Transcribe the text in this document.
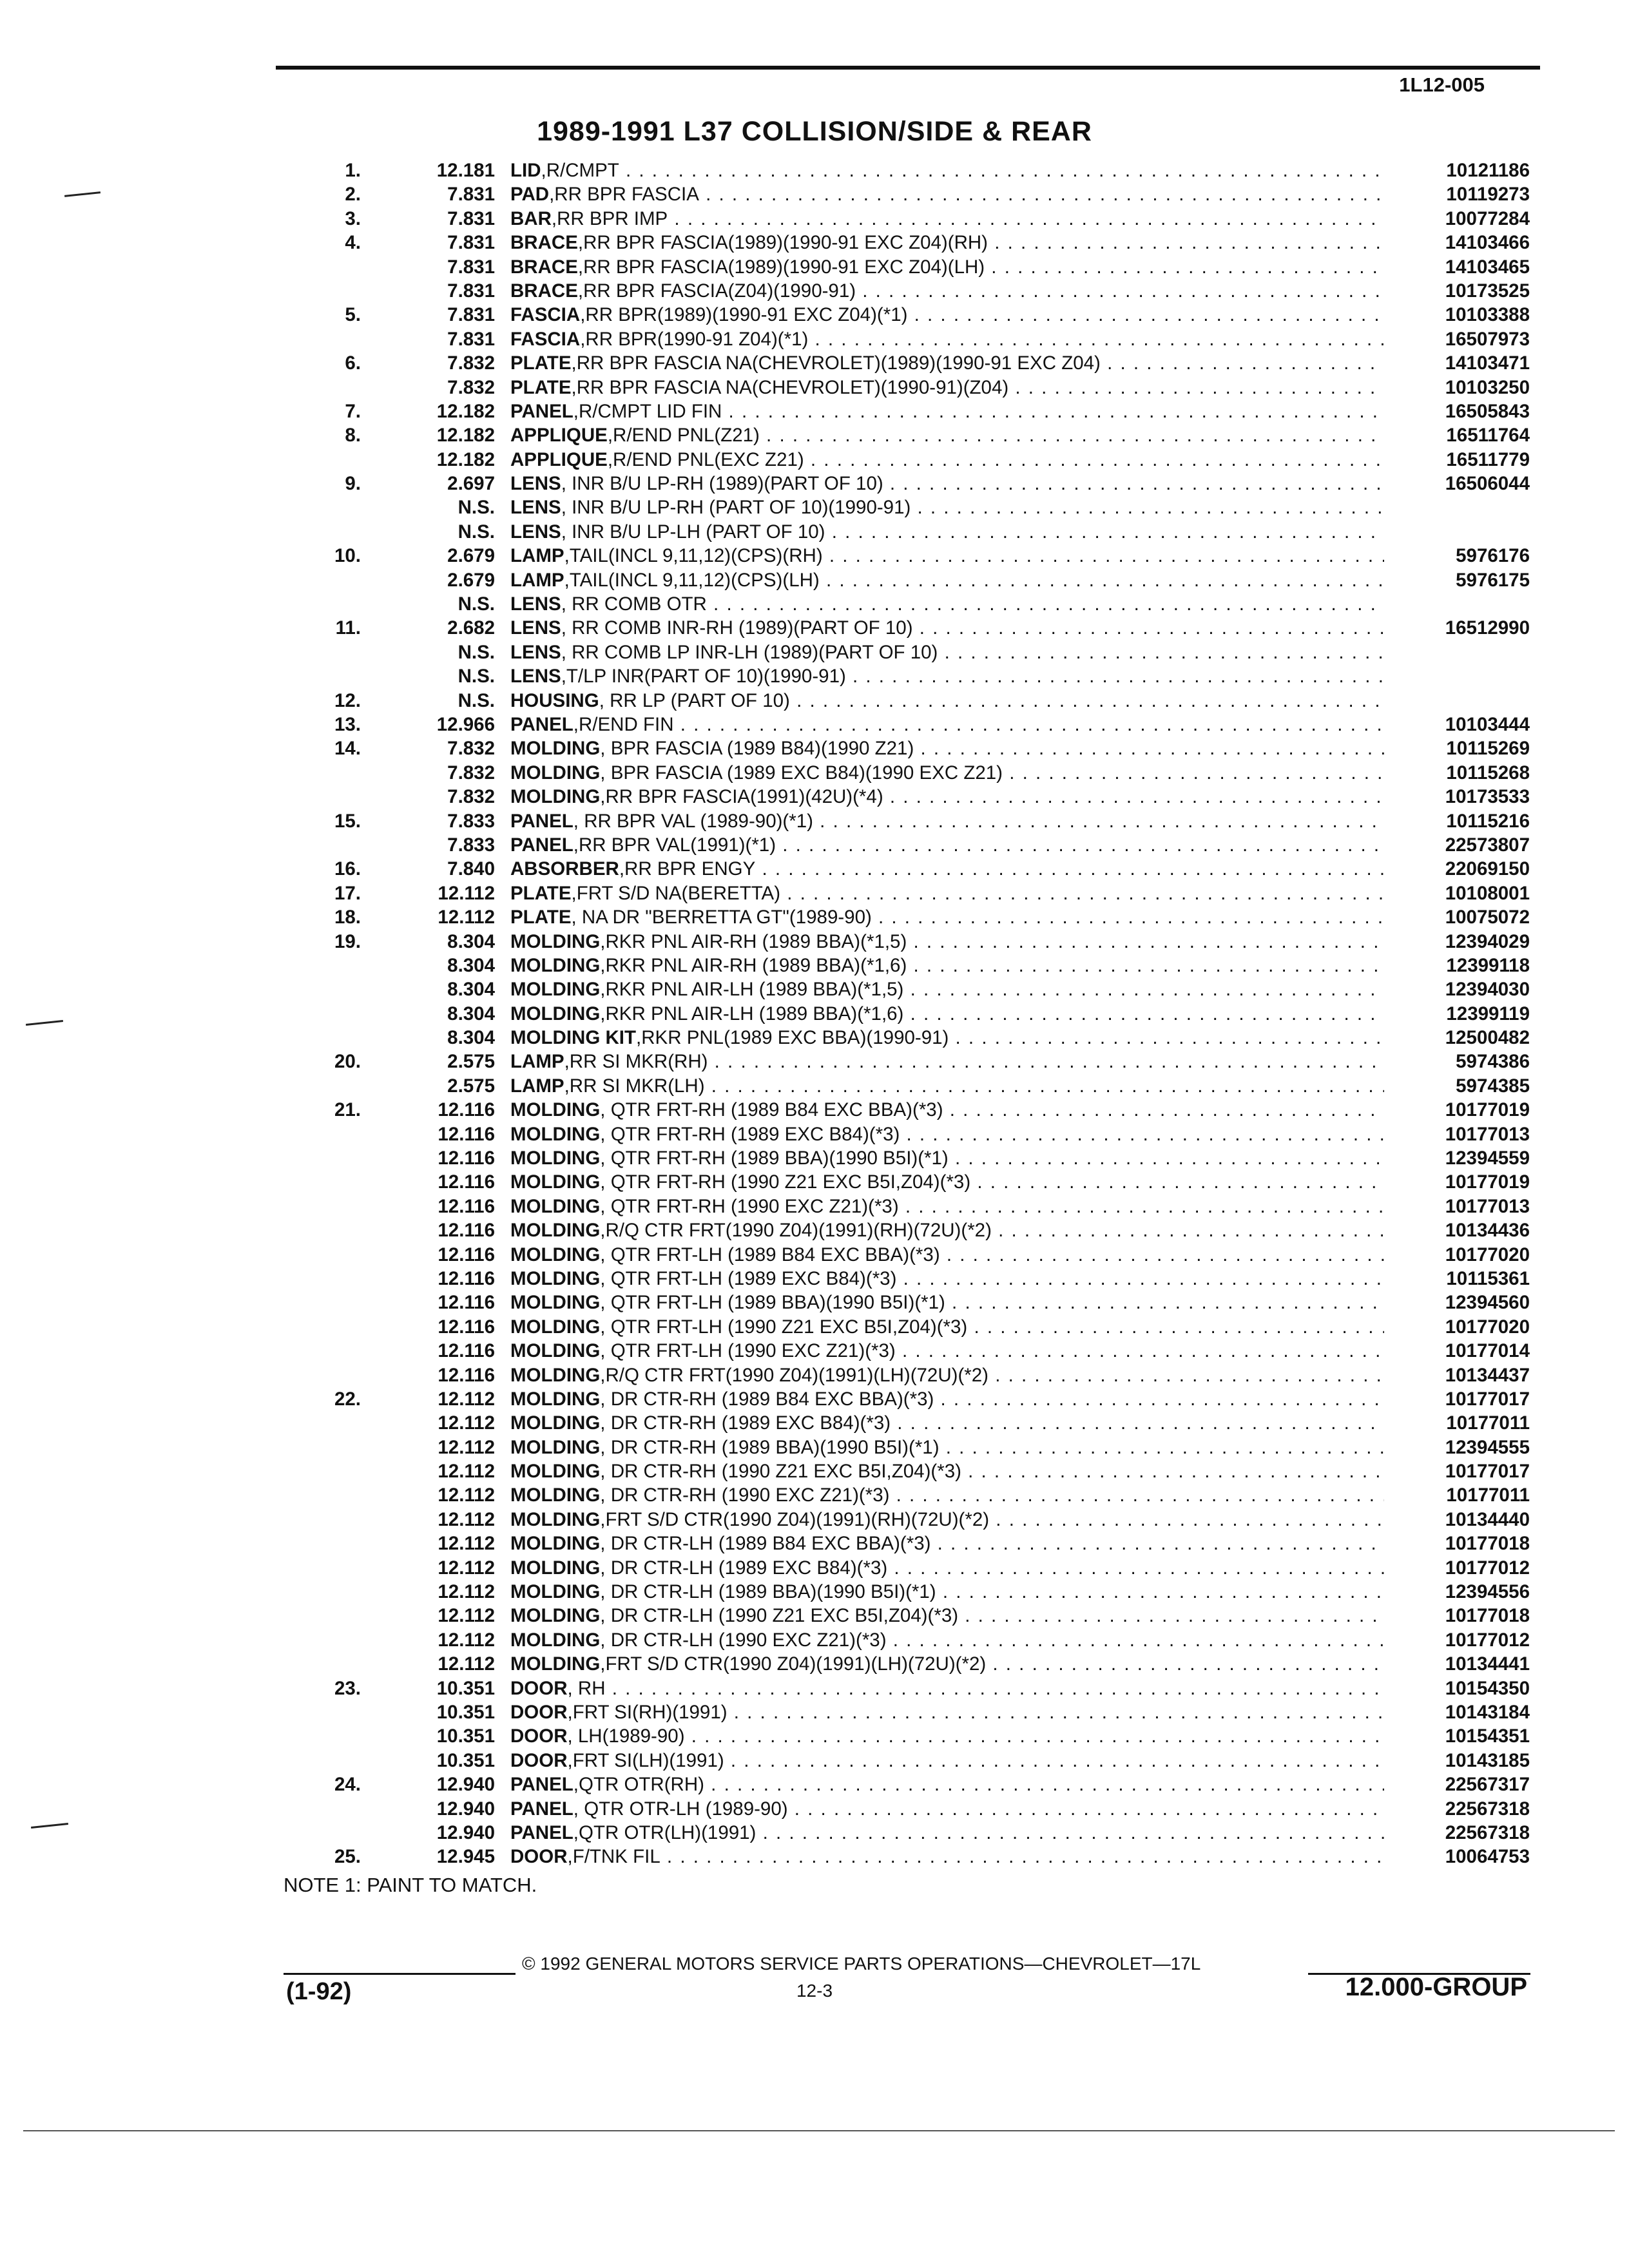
1L12-005
1989-1991 L37 COLLISION/SIDE & REAR
1.	12.181 LID,R/CMPT . . .	10121186
2.	7.831 PAD,RR BPR FASCIA . . .	10119273
3.	7.831 BAR,RR BPR IMP . . .	10077284
4.	7.831 BRACE,RR BPR FASCIA(1989)(1990-91 EXC Z04)(RH) . . .	14103466
7.831 BRACE,RR BPR FASCIA(1989)(1990-91 EXC Z04)(LH) . . .	14103465
7.831 BRACE,RR BPR FASCIA(Z04)(1990-91) . . .	10173525
5.	7.831 FASCIA,RR BPR(1989)(1990-91 EXC Z04)(*1) . . .	10103388
7.831 FASCIA,RR BPR(1990-91 Z04)(*1) . . .	16507973
6.	7.832 PLATE,RR BPR FASCIA NA(CHEVROLET)(1989)(1990-91 EXC Z04) . . .	14103471
7.832 PLATE,RR BPR FASCIA NA(CHEVROLET)(1990-91)(Z04) . . .	10103250
7.	12.182 PANEL,R/CMPT LID FIN . . .	16505843
8.	12.182 APPLIQUE,R/END PNL(Z21) . . .	16511764
12.182 APPLIQUE,R/END PNL(EXC Z21) . . .	16511779
9.	2.697 LENS, INR B/U LP-RH (1989)(PART OF 10) . . .	16506044
N.S. LENS, INR B/U LP-RH (PART OF 10)(1990-91) . . .
N.S. LENS, INR B/U LP-LH (PART OF 10) . . .
10.	2.679 LAMP,TAIL(INCL 9,11,12)(CPS)(RH) . . .	5976176
2.679 LAMP,TAIL(INCL 9,11,12)(CPS)(LH) . . .	5976175
N.S. LENS, RR COMB OTR . . .
11.	2.682 LENS, RR COMB INR-RH (1989)(PART OF 10) . . .	16512990
N.S. LENS, RR COMB LP INR-LH (1989)(PART OF 10) . . .
N.S. LENS,T/LP INR(PART OF 10)(1990-91) . . .
12.	N.S. HOUSING, RR LP (PART OF 10) . . .
13.	12.966 PANEL,R/END FIN . . .	10103444
14.	7.832 MOLDING, BPR FASCIA (1989 B84)(1990 Z21) . . .	10115269
7.832 MOLDING, BPR FASCIA (1989 EXC B84)(1990 EXC Z21) . . .	10115268
7.832 MOLDING,RR BPR FASCIA(1991)(42U)(*4) . . .	10173533
15.	7.833 PANEL, RR BPR VAL (1989-90)(*1) . . .	10115216
7.833 PANEL,RR BPR VAL(1991)(*1) . . .	22573807
16.	7.840 ABSORBER,RR BPR ENGY . . .	22069150
17.	12.112 PLATE,FRT S/D NA(BERETTA) . . .	10108001
18.	12.112 PLATE, NA DR "BERRETTA GT"(1989-90) . . .	10075072
19.	8.304 MOLDING,RKR PNL AIR-RH (1989 BBA)(*1,5) . . .	12394029
8.304 MOLDING,RKR PNL AIR-RH (1989 BBA)(*1,6) . . .	12399118
8.304 MOLDING,RKR PNL AIR-LH (1989 BBA)(*1,5) . . .	12394030
8.304 MOLDING,RKR PNL AIR-LH (1989 BBA)(*1,6) . . .	12399119
8.304 MOLDING KIT,RKR PNL(1989 EXC BBA)(1990-91) . . .	12500482
20.	2.575 LAMP,RR SI MKR(RH) . . .	5974386
2.575 LAMP,RR SI MKR(LH) . . .	5974385
21.	12.116 MOLDING, QTR FRT-RH (1989 B84 EXC BBA)(*3) . . .	10177019
12.116 MOLDING, QTR FRT-RH (1989 EXC B84)(*3) . . .	10177013
12.116 MOLDING, QTR FRT-RH (1989 BBA)(1990 B5I)(*1) . . .	12394559
12.116 MOLDING, QTR FRT-RH (1990 Z21 EXC B5I,Z04)(*3) . . .	10177019
12.116 MOLDING, QTR FRT-RH (1990 EXC Z21)(*3) . . .	10177013
12.116 MOLDING,R/Q CTR FRT(1990 Z04)(1991)(RH)(72U)(*2) . . .	10134436
12.116 MOLDING, QTR FRT-LH (1989 B84 EXC BBA)(*3) . . .	10177020
12.116 MOLDING, QTR FRT-LH (1989 EXC B84)(*3) . . .	10115361
12.116 MOLDING, QTR FRT-LH (1989 BBA)(1990 B5I)(*1) . . .	12394560
12.116 MOLDING, QTR FRT-LH (1990 Z21 EXC B5I,Z04)(*3) . . .	10177020
12.116 MOLDING, QTR FRT-LH (1990 EXC Z21)(*3) . . .	10177014
12.116 MOLDING,R/Q CTR FRT(1990 Z04)(1991)(LH)(72U)(*2) . . .	10134437
22.	12.112 MOLDING, DR CTR-RH (1989 B84 EXC BBA)(*3) . . .	10177017
12.112 MOLDING, DR CTR-RH (1989 EXC B84)(*3) . . .	10177011
12.112 MOLDING, DR CTR-RH (1989 BBA)(1990 B5I)(*1) . . .	12394555
12.112 MOLDING, DR CTR-RH (1990 Z21 EXC B5I,Z04)(*3) . . .	10177017
12.112 MOLDING, DR CTR-RH (1990 EXC Z21)(*3) . . .	10177011
12.112 MOLDING,FRT S/D CTR(1990 Z04)(1991)(RH)(72U)(*2) . . .	10134440
12.112 MOLDING, DR CTR-LH (1989 B84 EXC BBA)(*3) . . .	10177018
12.112 MOLDING, DR CTR-LH (1989 EXC B84)(*3) . . .	10177012
12.112 MOLDING, DR CTR-LH (1989 BBA)(1990 B5I)(*1) . . .	12394556
12.112 MOLDING, DR CTR-LH (1990 Z21 EXC B5I,Z04)(*3) . . .	10177018
12.112 MOLDING, DR CTR-LH (1990 EXC Z21)(*3) . . .	10177012
12.112 MOLDING,FRT S/D CTR(1990 Z04)(1991)(LH)(72U)(*2) . . .	10134441
23.	10.351 DOOR, RH . . .	10154350
10.351 DOOR,FRT SI(RH)(1991) . . .	10143184
10.351 DOOR, LH(1989-90) . . .	10154351
10.351 DOOR,FRT SI(LH)(1991) . . .	10143185
24.	12.940 PANEL,QTR OTR(RH) . . .	22567317
12.940 PANEL, QTR OTR-LH (1989-90) . . .	22567318
12.940 PANEL,QTR OTR(LH)(1991) . . .	22567318
25.	12.945 DOOR,F/TNK FIL . . .	10064753
NOTE 1: PAINT TO MATCH.
© 1992 GENERAL MOTORS SERVICE PARTS OPERATIONS—CHEVROLET—17L
(1-92)	12-3	12.000-GROUP
